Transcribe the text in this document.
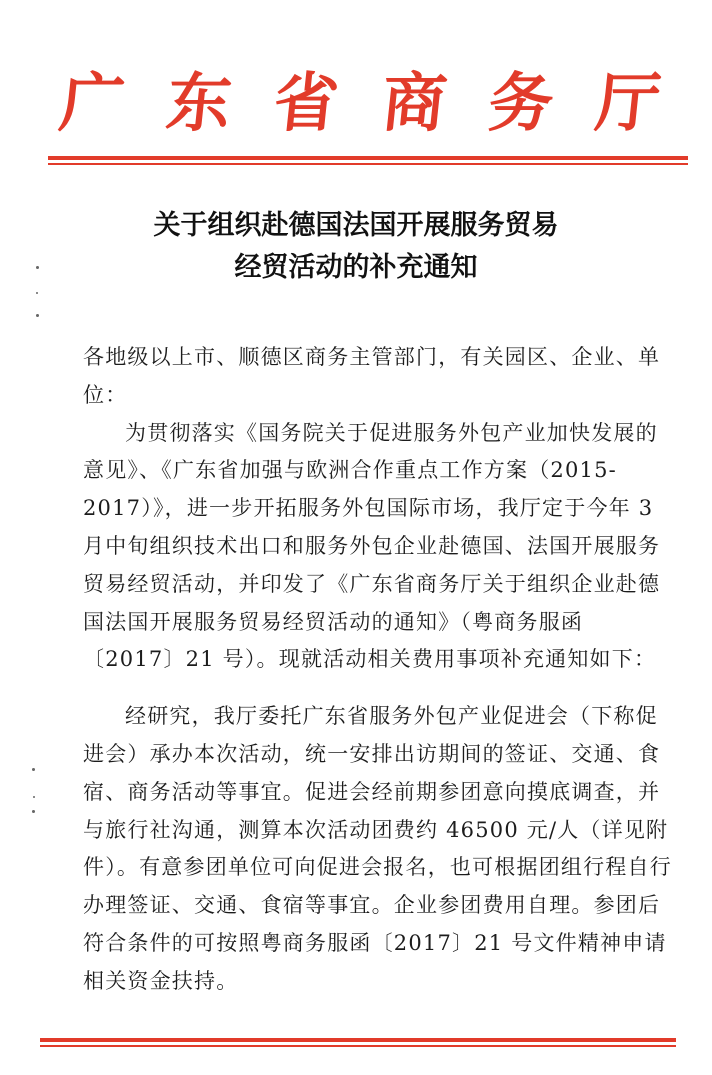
广 东 省 商 务 厅
关于组织赴德国法国开展服务贸易
经贸活动的补充通知

各地级以上市、顺德区商务主管部门，有关园区、企业、单位：

为贯彻落实《国务院关于促进服务外包产业加快发展的意见》、《广东省加强与欧洲合作重点工作方案（2015-2017）》，进一步开拓服务外包国际市场，我厅定于今年 3 月中旬组织技术出口和服务外包企业赴德国、法国开展服务贸易经贸活动，并印发了《广东省商务厅关于组织企业赴德国法国开展服务贸易经贸活动的通知》（粤商务服函〔2017〕21 号）。现就活动相关费用事项补充通知如下：

经研究，我厅委托广东省服务外包产业促进会（下称促进会）承办本次活动，统一安排出访期间的签证、交通、食宿、商务活动等事宜。促进会经前期参团意向摸底调查，并与旅行社沟通，测算本次活动团费约 46500 元/人（详见附件）。有意参团单位可向促进会报名，也可根据团组行程自行办理签证、交通、食宿等事宜。企业参团费用自理。参团后符合条件的可按照粤商务服函〔2017〕21 号文件精神申请相关资金扶持。
